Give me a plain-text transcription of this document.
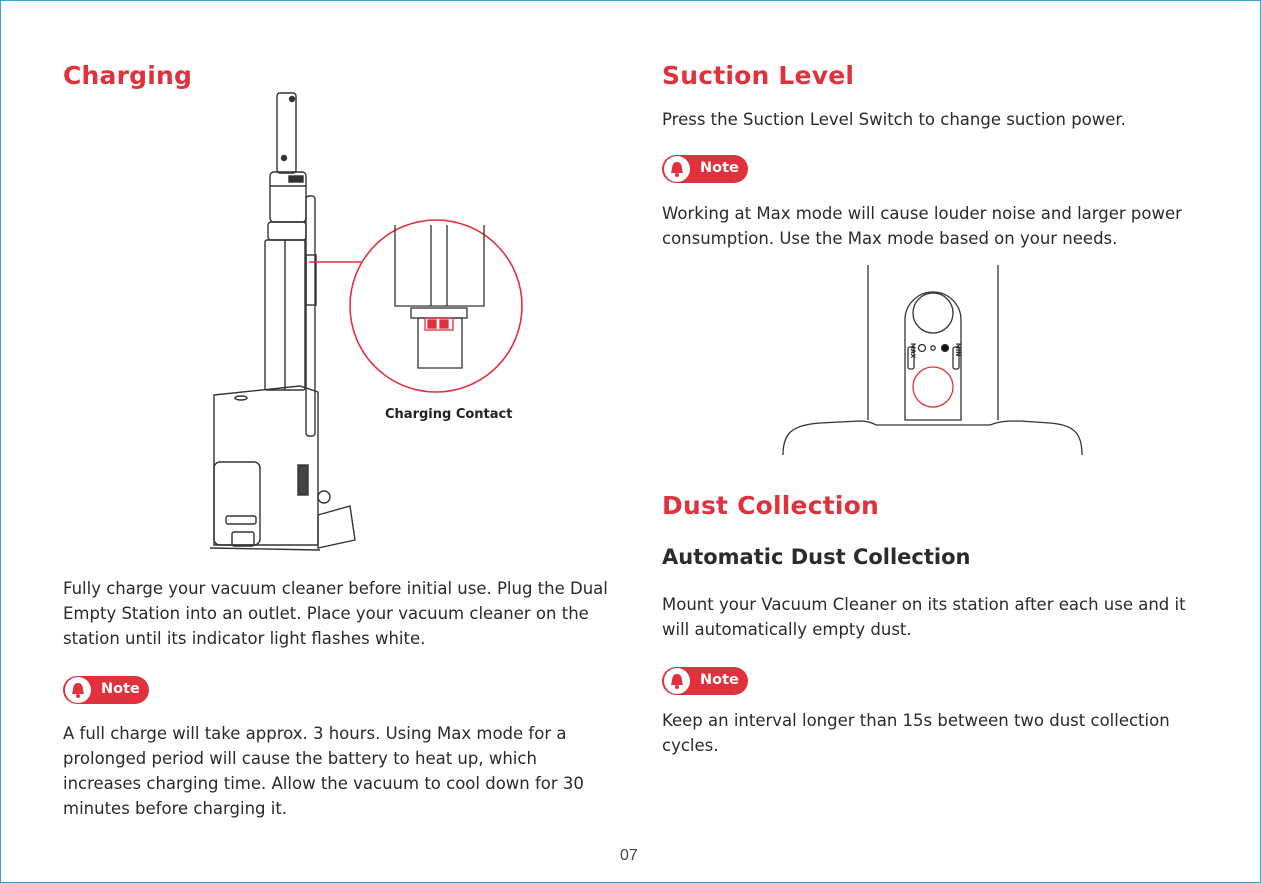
Charging
Charging Contact

Fully charge your vacuum cleaner before initial use. Plug the Dual Empty Station into an outlet. Place your vacuum cleaner on the station until its indicator light flashes white.

Note

A full charge will take approx. 3 hours. Using Max mode for a prolonged period will cause the battery to heat up, which increases charging time. Allow the vacuum to cool down for 30 minutes before charging it.

Suction Level

Press the Suction Level Switch to change suction power.

Note

Working at Max mode will cause louder noise and larger power consumption. Use the Max mode based on your needs.

MAX	MIN
Dust Collection
Automatic Dust Collection

Mount your Vacuum Cleaner on its station after each use and it will automatically empty dust.

Note

Keep an interval longer than 15s between two dust collection cycles.

07
